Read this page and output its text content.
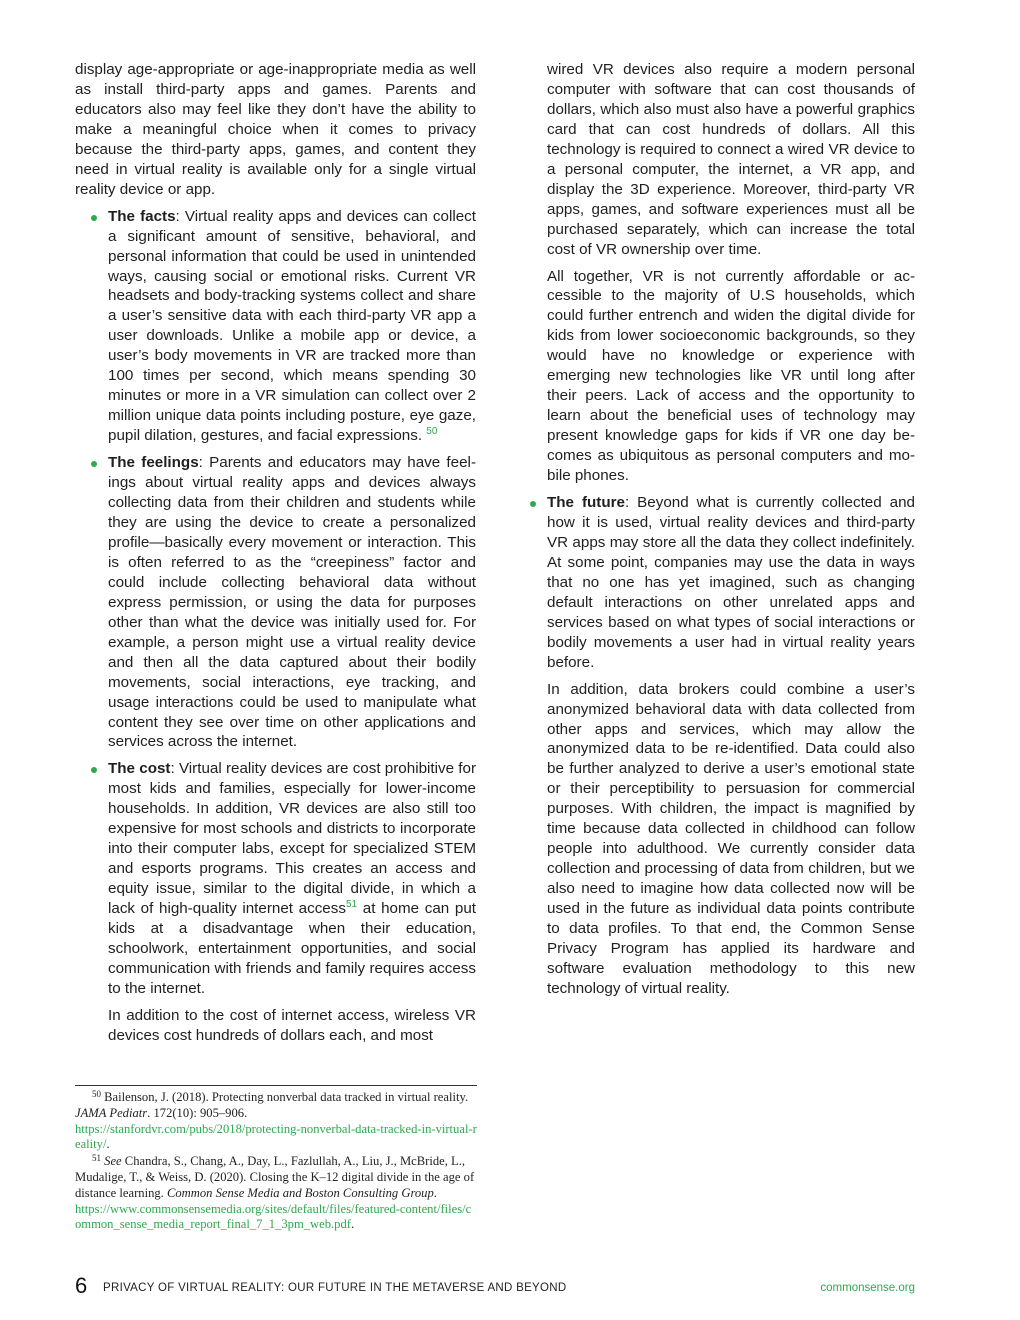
display age-appropriate or age-inappropriate media as well as install third-party apps and games. Parents and educators also may feel like they don’t have the ability to make a meaningful choice when it comes to privacy because the third-party apps, games, and content they need in virtual reality is available only for a single virtual reality device or app.

The facts: Virtual reality apps and devices can collect a significant amount of sensitive, behavioral, and personal information that could be used in unintended ways, causing social or emotional risks. Current VR headsets and body-tracking systems collect and share a user’s sensitive data with each third-party VR app a user downloads. Unlike a mobile app or device, a user’s body movements in VR are tracked more than 100 times per second, which means spending 30 minutes or more in a VR simulation can collect over 2 million unique data points including posture, eye gaze, pupil dilation, gestures, and facial expressions. $^{50}$
The feelings: Parents and educators may have feelings about virtual reality apps and devices always collecting data from their children and students while they are using the device to create a personalized profile—basically every movement or interaction. This is often referred to as the “creepiness” factor and could include collecting behavioral data without express permission, or using the data for purposes other than what the device was initially used for. For example, a person might use a virtual reality device and then all the data captured about their bodily movements, social interactions, eye tracking, and usage interactions could be used to manipulate what content they see over time on other applications and services across the internet.
The cost: Virtual reality devices are cost prohibitive for most kids and families, especially for lower-income households. In addition, VR devices are also still too expensive for most schools and districts to incorporate into their computer labs, except for specialized STEM and esports programs. This creates an access and equity issue, similar to the digital divide, in which a lack of high-quality internet access$^{51}$ at home can put kids at a disadvantage when their education, schoolwork, entertainment opportunities, and social communication with friends and family requires access to the internet.

In addition to the cost of internet access, wireless VR devices cost hundreds of dollars each, and most

wired VR devices also require a modern personal computer with software that can cost thousands of dollars, which also must also have a powerful graphics card that can cost hundreds of dollars. All this technology is required to connect a wired VR device to a personal computer, the internet, a VR app, and display the 3D experience. Moreover, third-party VR apps, games, and software experiences must all be purchased separately, which can increase the total cost of VR ownership over time.

All together, VR is not currently affordable or accessible to the majority of U.S households, which could further entrench and widen the digital divide for kids from lower socioeconomic backgrounds, so they would have no knowledge or experience with emerging new technologies like VR until long after their peers. Lack of access and the opportunity to learn about the beneficial uses of technology may present knowledge gaps for kids if VR one day becomes as ubiquitous as personal computers and mobile phones.

The future: Beyond what is currently collected and how it is used, virtual reality devices and third-party VR apps may store all the data they collect indefinitely. At some point, companies may use the data in ways that no one has yet imagined, such as changing default interactions on other unrelated apps and services based on what types of social interactions or bodily movements a user had in virtual reality years before.

In addition, data brokers could combine a user’s anonymized behavioral data with data collected from other apps and services, which may allow the anonymized data to be re-identified. Data could also be further analyzed to derive a user’s emotional state or their perceptibility to persuasion for commercial purposes. With children, the impact is magnified by time because data collected in childhood can follow people into adulthood. We currently consider data collection and processing of data from children, but we also need to imagine how data collected now will be used in the future as individual data points contribute to data profiles. To that end, the Common Sense Privacy Program has applied its hardware and software evaluation methodology to this new technology of virtual reality.

$^{50}$ Bailenson, J. (2018). Protecting nonverbal data tracked in virtual reality. JAMA Pediatr. 172(10): 905–906.
https://stanfordvr.com/pubs/2018/protecting-nonverbal-data-tracked-in-virtual-reality/.
$^{51}$ See Chandra, S., Chang, A., Day, L., Fazlullah, A., Liu, J., McBride, L., Mudalige, T., & Weiss, D. (2020). Closing the K–12 digital divide in the age of distance learning. Common Sense Media and Boston Consulting Group.
https://www.commonsensemedia.org/sites/default/files/featured-content/files/common_sense_media_report_final_7_1_3pm_web.pdf.
6 PRIVACY OF VIRTUAL REALITY: OUR FUTURE IN THE METAVERSE AND BEYOND	commonsense.org
